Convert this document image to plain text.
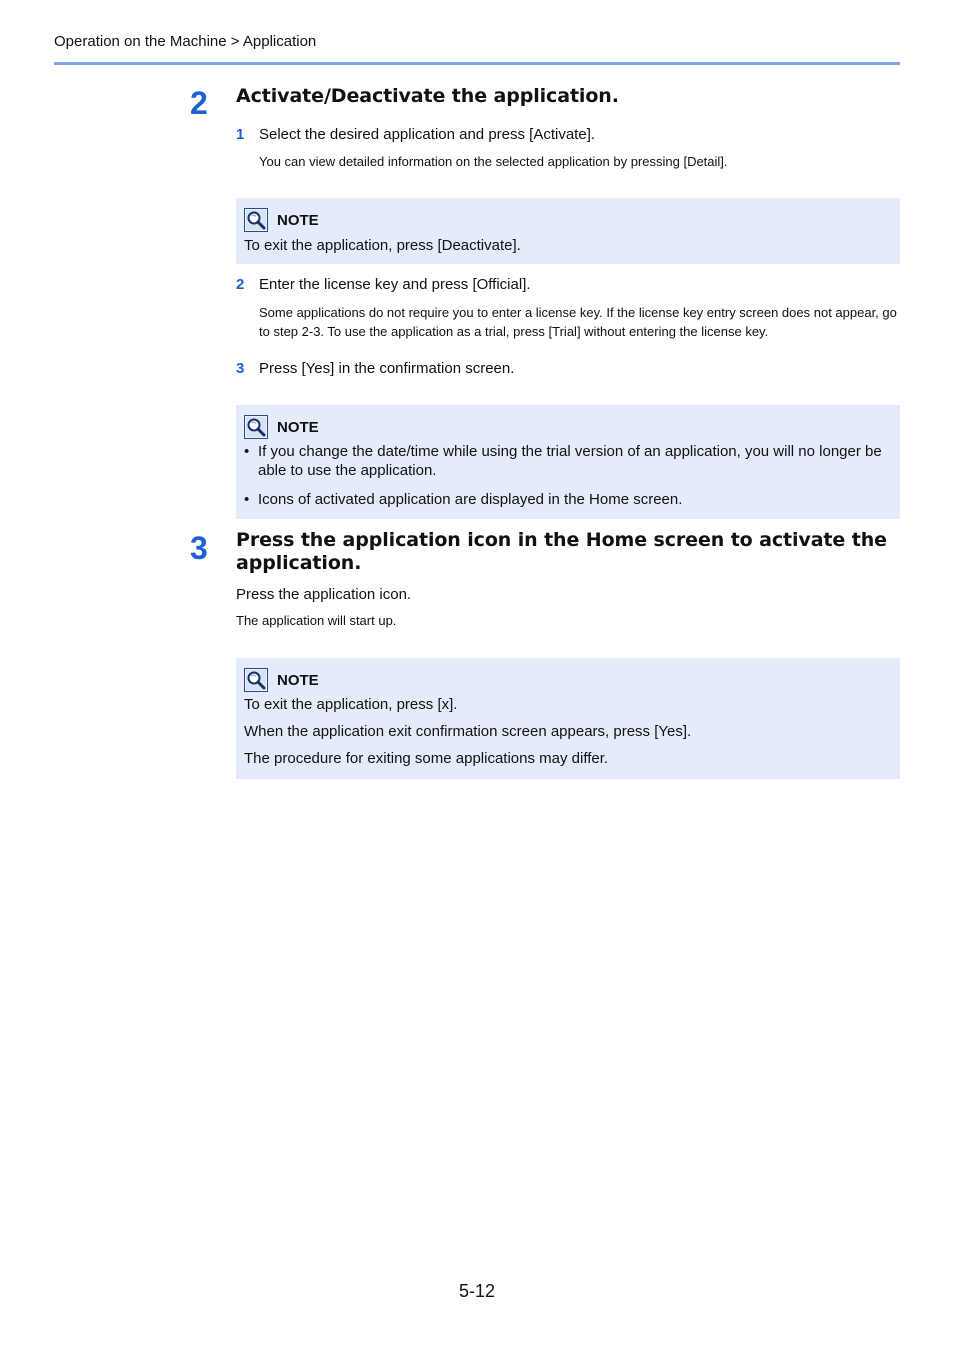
Operation on the Machine > Application
2 Activate/Deactivate the application.
1 Select the desired application and press [Activate].
You can view detailed information on the selected application by pressing [Detail].
NOTE
To exit the application, press [Deactivate].
2 Enter the license key and press [Official].
Some applications do not require you to enter a license key. If the license key entry screen does not appear, go to step 2-3. To use the application as a trial, press [Trial] without entering the license key.
3 Press [Yes] in the confirmation screen.
NOTE
• If you change the date/time while using the trial version of an application, you will no longer be able to use the application.
• Icons of activated application are displayed in the Home screen.
3 Press the application icon in the Home screen to activate the application.
Press the application icon.
The application will start up.
NOTE
To exit the application, press [x].
When the application exit confirmation screen appears, press [Yes].
The procedure for exiting some applications may differ.
5-12
